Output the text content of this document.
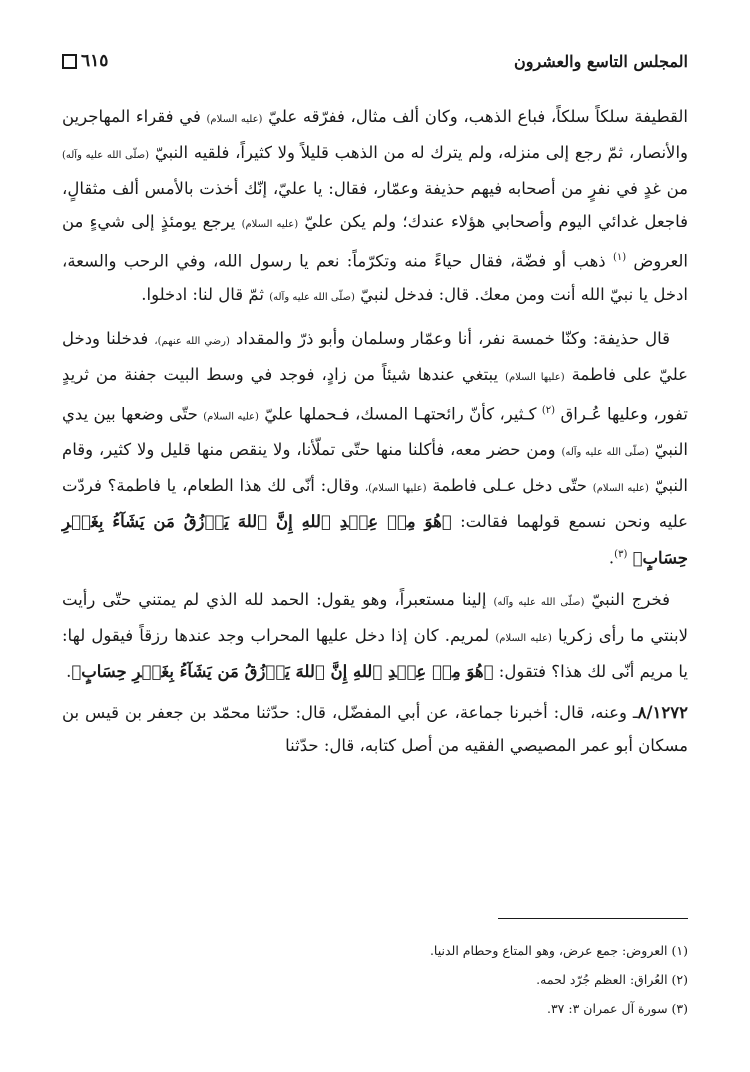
المجلس التاسع والعشرون
٦١٥

القطيفة سلكاً سلكاً، فباع الذهب، وكان ألف مثال، ففرّقه عليّ (عليه السلام) في فقراء المهاجرين والأنصار، ثمّ رجع إلى منزله، ولم يترك له من الذهب قليلاً ولا كثيراً، فلقيه النبيّ (صلّى الله عليه وآله) من غدٍ في نفرٍ من أصحابه فيهم حذيفة وعمّار، فقال: يا عليّ، إنّك أخذت بالأمس ألف مثقالٍ، فاجعل غدائي اليوم وأصحابي هؤلاء عندك؛ ولم يكن عليّ (عليه السلام) يرجع يومئذٍ إلى شيءٍ من العروض $^{(١)}$ ذهب أو فضّة، فقال حياءً منه وتكرّماً: نعم يا رسول الله، وفي الرحب والسعة، ادخل يا نبيّ الله أنت ومن معك. قال: فدخل لنبيّ (صلّى الله عليه وآله) ثمّ قال لنا: ادخلوا.

قال حذيفة: وكنّا خمسة نفر، أنا وعمّار وسلمان وأبو ذرّ والمقداد (رضي الله عنهم)، فدخلنا ودخل عليّ على فاطمة (عليها السلام) يبتغي عندها شيئاً من زادٍ، فوجد في وسط البيت جفنة من ثريدٍ تفور، وعليها عُـراق $^{(٢)}$ كـثير، كأنّ رائحتهـا المسك، فـحملها عليّ (عليه السلام) حتّى وضعها بين يدي النبيّ (صلّى الله عليه وآله) ومن حضر معه، فأكلنا منها حتّى تملّأنا، ولا ينقص منها قليل ولا كثير، وقام النبيّ (عليه السلام) حتّى دخل عـلى فاطمة (عليها السلام)، وقال: أنّى لك هذا الطعام، يا فاطمة؟ فردّت عليه ونحن نسمع قولهما فقالت: ﴿هُوَ مِنۡ عِنۡدِ ٱللهِ إِنَّ ٱللهَ يَرۡزُقُ مَن يَشَآءُ بِغَيۡرِ حِسَابٍ﴾ $^{(٣)}$.

فخرج النبيّ (صلّى الله عليه وآله) إلينا مستعبراً، وهو يقول: الحمد لله الذي لم يمتني حتّى رأيت لابنتي ما رأى زكريا (عليه السلام) لمريم. كان إذا دخل عليها المحراب وجد عندها رزقاً فيقول لها: يا مريم أنّى لك هذا؟ فتقول: ﴿هُوَ مِنۡ عِنۡدِ ٱللهِ إِنَّ ٱللهَ يَرۡزُقُ مَن يَشَآءُ بِغَيۡرِ حِسَابٍ﴾.

٨/١٢٧٢ـ وعنه، قال: أخبرنا جماعة، عن أبي المفضّل، قال: حدّثنا محمّد بن جعفر بن قيس بن مسكان أبو عمر المصيصي الفقيه من أصل كتابه، قال: حدّثنا

(١) العروض: جمع عرض، وهو المتاع وحطام الدنيا.
(٢) العُراق: العظم جُرّد لحمه.
(٣) سورة آل عمران ٣: ٣٧.
